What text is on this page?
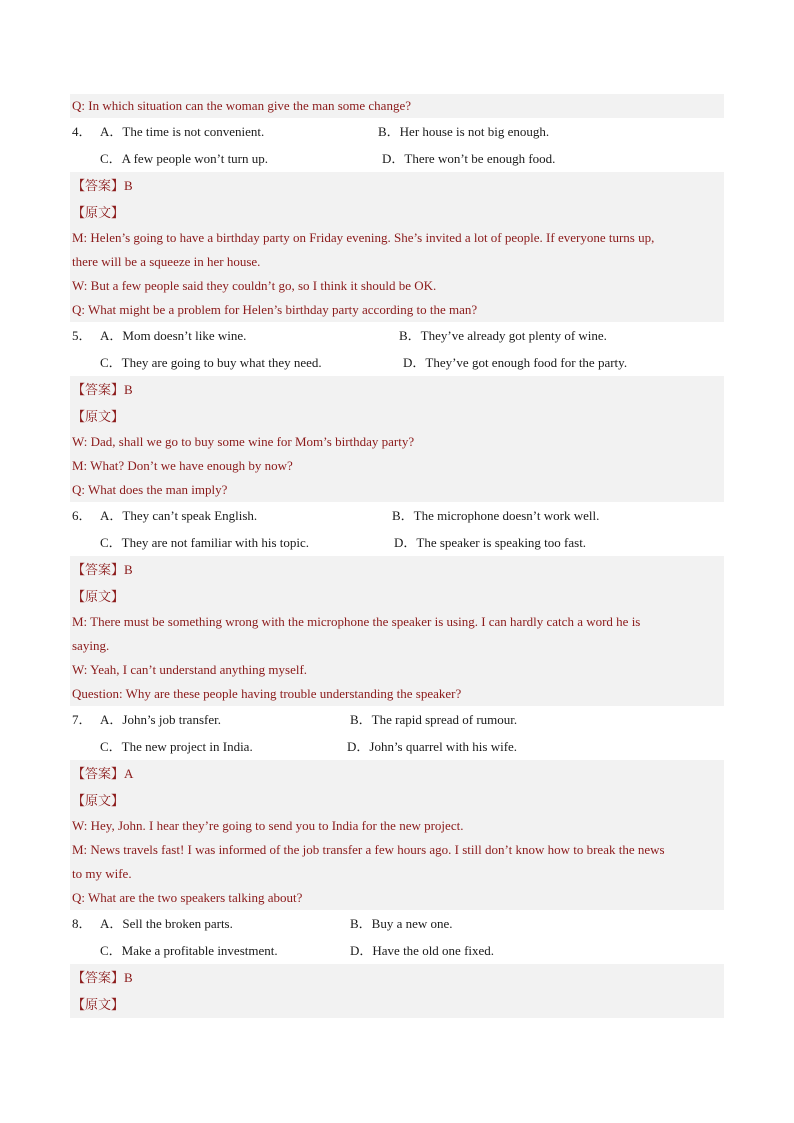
Q: In which situation can the woman give the man some change?
4． A．The time is not convenient.	B．Her house is not big enough.
C．A few people won’t turn up.	D．There won’t be enough food.
【答案】B
【原文】
M: Helen’s going to have a birthday party on Friday evening. She’s invited a lot of people. If everyone turns up,
there will be a squeeze in her house.
W: But a few people said they couldn’t go, so I think it should be OK.
Q: What might be a problem for Helen’s birthday party according to the man?
5． A．Mom doesn’t like wine.	B．They’ve already got plenty of wine.
C．They are going to buy what they need.	D．They’ve got enough food for the party.
【答案】B
【原文】
W: Dad, shall we go to buy some wine for Mom’s birthday party?
M: What? Don’t we have enough by now?
Q: What does the man imply?
6． A．They can’t speak English.	B．The microphone doesn’t work well.
C．They are not familiar with his topic.	D．The speaker is speaking too fast.
【答案】B
【原文】
M: There must be something wrong with the microphone the speaker is using. I can hardly catch a word he is
saying.
W: Yeah, I can’t understand anything myself.
Question: Why are these people having trouble understanding the speaker?
7． A．John’s job transfer.	B．The rapid spread of rumour.
C．The new project in India.	D．John’s quarrel with his wife.
【答案】A
【原文】
W: Hey, John. I hear they’re going to send you to India for the new project.
M: News travels fast! I was informed of the job transfer a few hours ago. I still don’t know how to break the news
to my wife.
Q: What are the two speakers talking about?
8． A．Sell the broken parts.	B．Buy a new one.
C．Make a profitable investment.	D．Have the old one fixed.
【答案】B
【原文】
